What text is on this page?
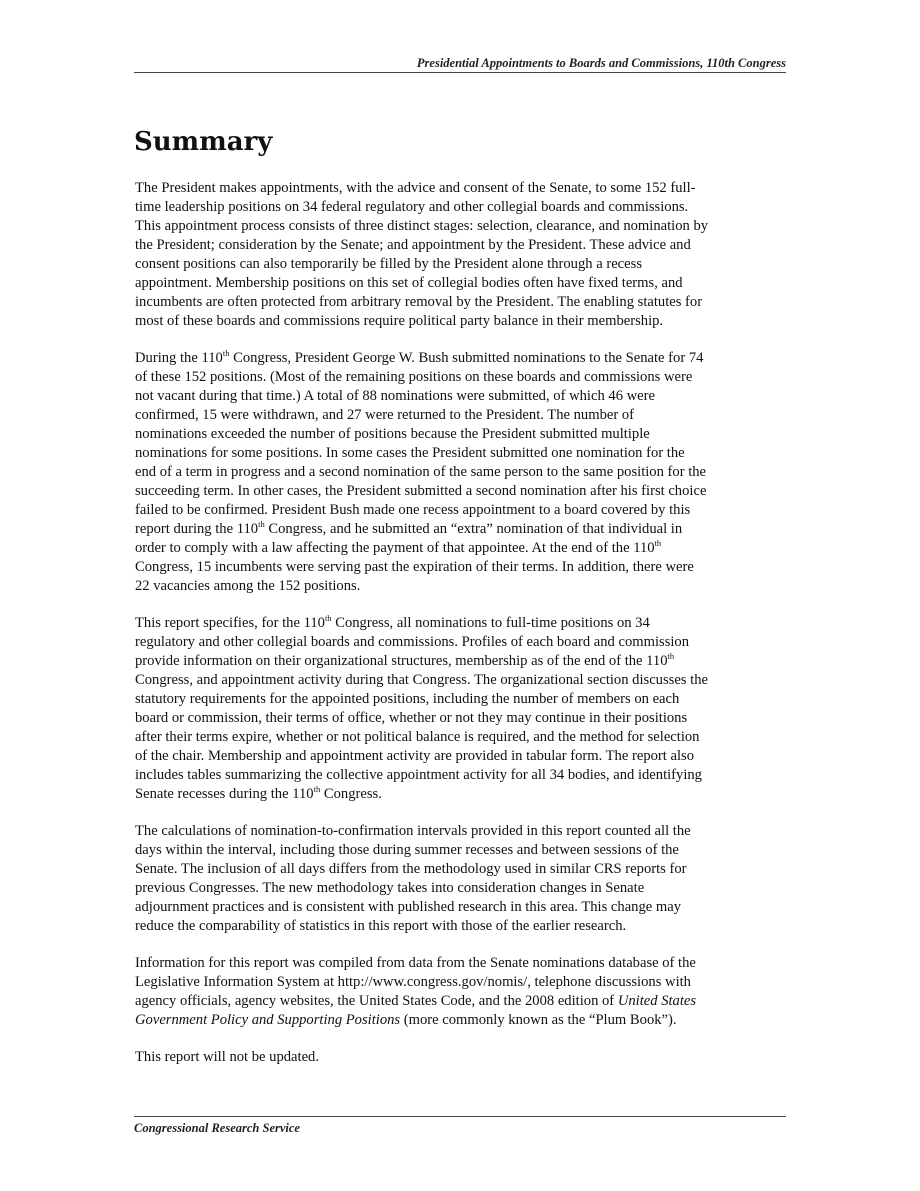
Presidential Appointments to Boards and Commissions, 110th Congress
Summary

The President makes appointments, with the advice and consent of the Senate, to some 152 full-
time leadership positions on 34 federal regulatory and other collegial boards and commissions.
This appointment process consists of three distinct stages: selection, clearance, and nomination by
the President; consideration by the Senate; and appointment by the President. These advice and
consent positions can also temporarily be filled by the President alone through a recess
appointment. Membership positions on this set of collegial bodies often have fixed terms, and
incumbents are often protected from arbitrary removal by the President. The enabling statutes for
most of these boards and commissions require political party balance in their membership.

During the 110th Congress, President George W. Bush submitted nominations to the Senate for 74
of these 152 positions. (Most of the remaining positions on these boards and commissions were
not vacant during that time.) A total of 88 nominations were submitted, of which 46 were
confirmed, 15 were withdrawn, and 27 were returned to the President. The number of
nominations exceeded the number of positions because the President submitted multiple
nominations for some positions. In some cases the President submitted one nomination for the
end of a term in progress and a second nomination of the same person to the same position for the
succeeding term. In other cases, the President submitted a second nomination after his first choice
failed to be confirmed. President Bush made one recess appointment to a board covered by this
report during the 110th Congress, and he submitted an “extra” nomination of that individual in
order to comply with a law affecting the payment of that appointee. At the end of the 110th
Congress, 15 incumbents were serving past the expiration of their terms. In addition, there were
22 vacancies among the 152 positions.

This report specifies, for the 110th Congress, all nominations to full-time positions on 34
regulatory and other collegial boards and commissions. Profiles of each board and commission
provide information on their organizational structures, membership as of the end of the 110th
Congress, and appointment activity during that Congress. The organizational section discusses the
statutory requirements for the appointed positions, including the number of members on each
board or commission, their terms of office, whether or not they may continue in their positions
after their terms expire, whether or not political balance is required, and the method for selection
of the chair. Membership and appointment activity are provided in tabular form. The report also
includes tables summarizing the collective appointment activity for all 34 bodies, and identifying
Senate recesses during the 110th Congress.

The calculations of nomination-to-confirmation intervals provided in this report counted all the
days within the interval, including those during summer recesses and between sessions of the
Senate. The inclusion of all days differs from the methodology used in similar CRS reports for
previous Congresses. The new methodology takes into consideration changes in Senate
adjournment practices and is consistent with published research in this area. This change may
reduce the comparability of statistics in this report with those of the earlier research.

Information for this report was compiled from data from the Senate nominations database of the
Legislative Information System at http://www.congress.gov/nomis/, telephone discussions with
agency officials, agency websites, the United States Code, and the 2008 edition of United States
Government Policy and Supporting Positions (more commonly known as the “Plum Book”).

This report will not be updated.

Congressional Research Service
